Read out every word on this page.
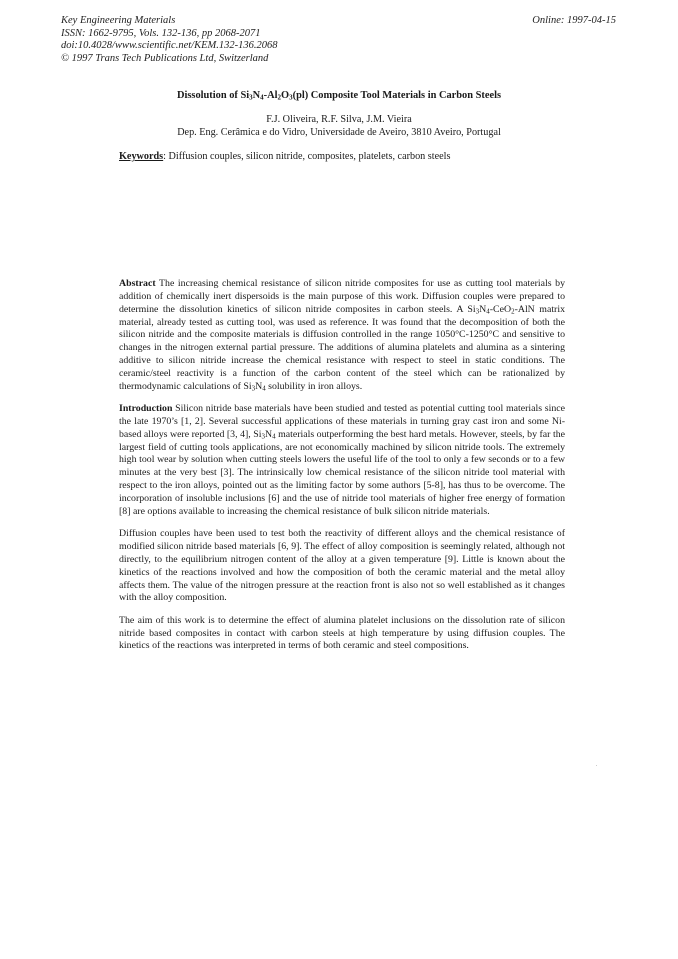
Key Engineering Materials
ISSN: 1662-9795, Vols. 132-136, pp 2068-2071
doi:10.4028/www.scientific.net/KEM.132-136.2068
© 1997 Trans Tech Publications Ltd, Switzerland
Online: 1997-04-15
Dissolution of $Si_3N_4-Al_2O_3(pl)$ Composite Tool Materials in Carbon Steels
F.J. Oliveira, R.F. Silva, J.M. Vieira
Dep. Eng. Cerâmica e do Vidro, Universidade de Aveiro, 3810 Aveiro, Portugal
Keywords: Diffusion couples, silicon nitride, composites, platelets, carbon steels

Abstract The increasing chemical resistance of silicon nitride composites for use as cutting tool materials by addition of chemically inert dispersoids is the main purpose of this work. Diffusion couples were prepared to determine the dissolution kinetics of silicon nitride composites in carbon steels. A $Si_3N_4-CeO_2$-AlN matrix material, already tested as cutting tool, was used as reference. It was found that the decomposition of both the silicon nitride and the composite materials is diffusion controlled in the range 1050°C-1250°C and sensitive to changes in the nitrogen external partial pressure. The additions of alumina platelets and alumina as a sintering additive to silicon nitride increase the chemical resistance with respect to steel in static conditions. The ceramic/steel reactivity is a function of the carbon content of the steel which can be rationalized by thermodynamic calculations of $Si_3N_4$ solubility in iron alloys.

Introduction Silicon nitride base materials have been studied and tested as potential cutting tool materials since the late 1970’s [1, 2]. Several successful applications of these materials in turning gray cast iron and some Ni-based alloys were reported [3, 4], $Si_3N_4$ materials outperforming the best hard metals. However, steels, by far the largest field of cutting tools applications, are not economically machined by silicon nitride tools. The extremely high tool wear by solution when cutting steels lowers the useful life of the tool to only a few seconds or to a few minutes at the very best [3]. The intrinsically low chemical resistance of the silicon nitride tool material with respect to the iron alloys, pointed out as the limiting factor by some authors [5-8], has thus to be overcome. The incorporation of insoluble inclusions [6] and the use of nitride tool materials of higher free energy of formation [8] are options available to increasing the chemical resistance of bulk silicon nitride materials.

Diffusion couples have been used to test both the reactivity of different alloys and the chemical resistance of modified silicon nitride based materials [6, 9]. The effect of alloy composition is seemingly related, although not directly, to the equilibrium nitrogen content of the alloy at a given temperature [9]. Little is known about the kinetics of the reactions involved and how the composition of both the ceramic material and the metal alloy affects them. The value of the nitrogen pressure at the reaction front is also not so well established as it changes with the alloy composition.

The aim of this work is to determine the effect of alumina platelet inclusions on the dissolution rate of silicon nitride based composites in contact with carbon steels at high temperature by using diffusion couples. The kinetics of the reactions was interpreted in terms of both ceramic and steel compositions.
